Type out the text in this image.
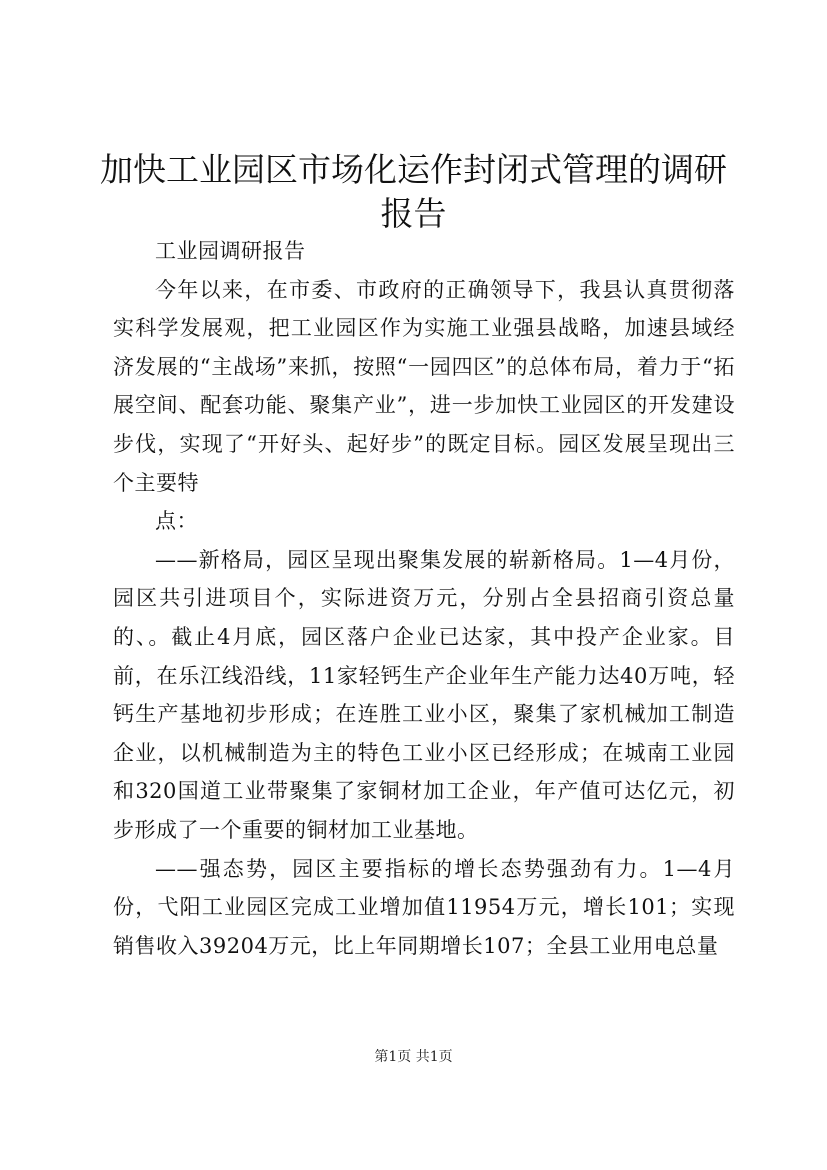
加快工业园区市场化运作封闭式管理的调研报告

工业园调研报告

今年以来，在市委、市政府的正确领导下，我县认真贯彻落实科学发展观，把工业园区作为实施工业强县战略，加速县域经济发展的“主战场”来抓，按照“一园四区”的总体布局，着力于“拓展空间、配套功能、聚集产业”，进一步加快工业园区的开发建设步伐，实现了“开好头、起好步”的既定目标。园区发展呈现出三个主要特

点：

——新格局，园区呈现出聚集发展的崭新格局。1—4月份，园区共引进项目个，实际进资万元，分别占全县招商引资总量的、。截止4月底，园区落户企业已达家，其中投产企业家。目前，在乐江线沿线，11家轻钙生产企业年生产能力达40万吨，轻钙生产基地初步形成；在连胜工业小区，聚集了家机械加工制造企业，以机械制造为主的特色工业小区已经形成；在城南工业园和320国道工业带聚集了家铜材加工企业，年产值可达亿元，初步形成了一个重要的铜材加工业基地。

——强态势，园区主要指标的增长态势强劲有力。1—4月份，弋阳工业园区完成工业增加值11954万元，增长101；实现销售收入39204万元，比上年同期增长107；全县工业用电总量

第1页 共1页
